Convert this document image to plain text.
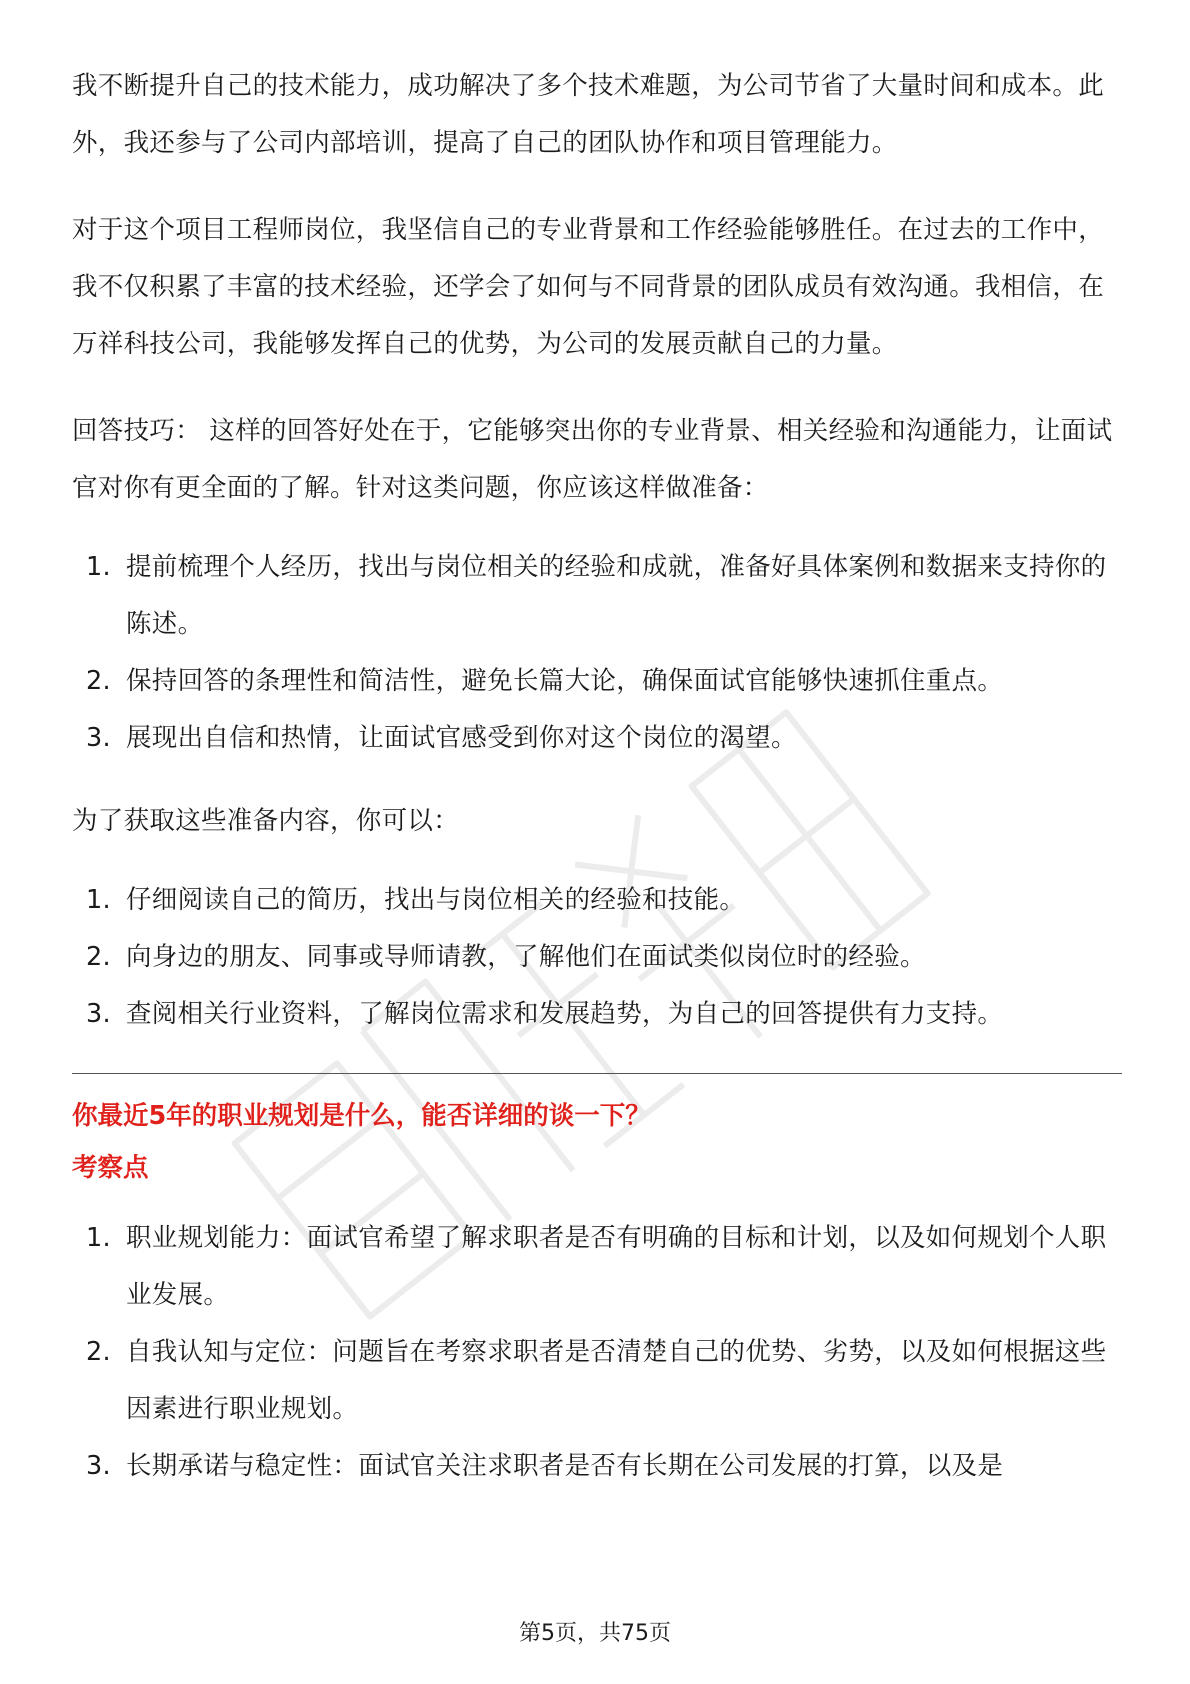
我不断提升自己的技术能力，成功解决了多个技术难题，为公司节省了大量时间和成本。此外，我还参与了公司内部培训，提高了自己的团队协作和项目管理能力。

对于这个项目工程师岗位，我坚信自己的专业背景和工作经验能够胜任。在过去的工作中，我不仅积累了丰富的技术经验，还学会了如何与不同背景的团队成员有效沟通。我相信，在万祥科技公司，我能够发挥自己的优势，为公司的发展贡献自己的力量。

回答技巧： 这样的回答好处在于，它能够突出你的专业背景、相关经验和沟通能力，让面试官对你有更全面的了解。针对这类问题，你应该这样做准备：

1. 提前梳理个人经历，找出与岗位相关的经验和成就，准备好具体案例和数据来支持你的陈述。
2. 保持回答的条理性和简洁性，避免长篇大论，确保面试官能够快速抓住重点。
3. 展现出自信和热情，让面试官感受到你对这个岗位的渴望。

为了获取这些准备内容，你可以：

1. 仔细阅读自己的简历，找出与岗位相关的经验和技能。
2. 向身边的朋友、同事或导师请教，了解他们在面试类似岗位时的经验。
3. 查阅相关行业资料，了解岗位需求和发展趋势，为自己的回答提供有力支持。

你最近5年的职业规划是什么，能否详细的谈一下？

考察点

1. 职业规划能力：面试官希望了解求职者是否有明确的目标和计划，以及如何规划个人职业发展。
2. 自我认知与定位：问题旨在考察求职者是否清楚自己的优势、劣势，以及如何根据这些因素进行职业规划。
3. 长期承诺与稳定性：面试官关注求职者是否有长期在公司发展的打算，以及是
第5页，共75页
